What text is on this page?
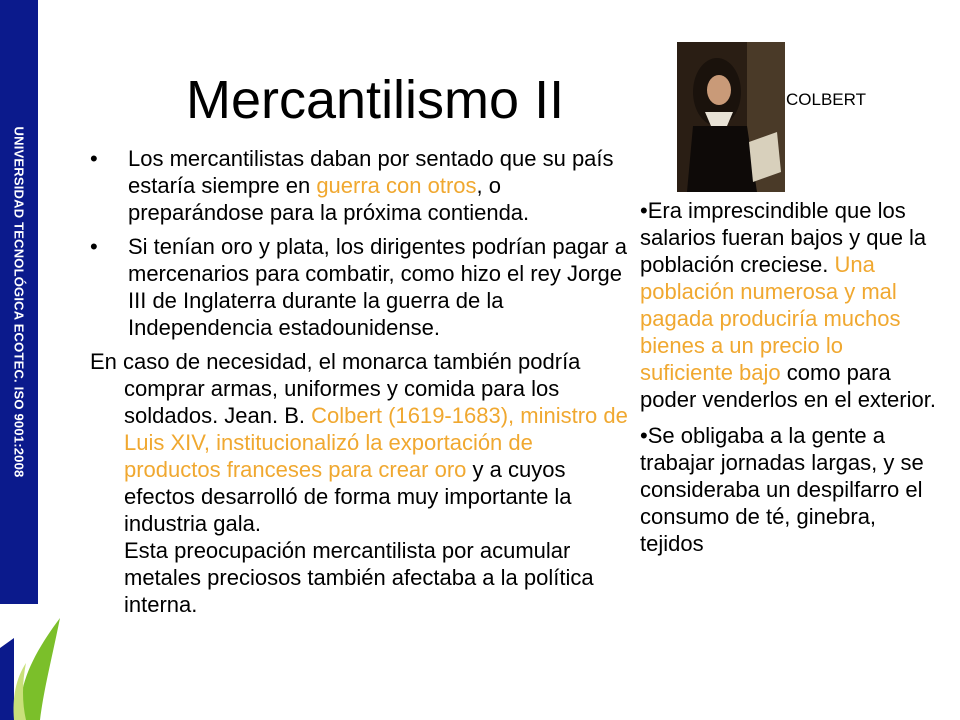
UNIVERSIDAD TECNOLÓGICA ECOTEC. ISO 9001:2008
Mercantilismo II	COLBERT
• Los mercantilistas daban por sentado que su país estaría siempre en guerra con otros, o preparándose para la próxima contienda.
• Si tenían oro y plata, los dirigentes podrían pagar a mercenarios para combatir, como hizo el rey Jorge III de Inglaterra durante la guerra de la Independencia estadounidense.
En caso de necesidad, el monarca también podría comprar armas, uniformes y comida para los soldados. Jean. B. Colbert (1619-1683), ministro de Luis XIV, institucionalizó la exportación de productos franceses para crear oro y a cuyos efectos desarrolló de forma muy importante la industria gala.
Esta preocupación mercantilista por acumular metales preciosos también afectaba a la política interna.
•Era imprescindible que los salarios fueran bajos y que la población creciese. Una población numerosa y mal pagada produciría muchos bienes a un precio lo suficiente bajo como para poder venderlos en el exterior.
•Se obligaba a la gente a trabajar jornadas largas, y se consideraba un despilfarro el consumo de té, ginebra, tejidos
